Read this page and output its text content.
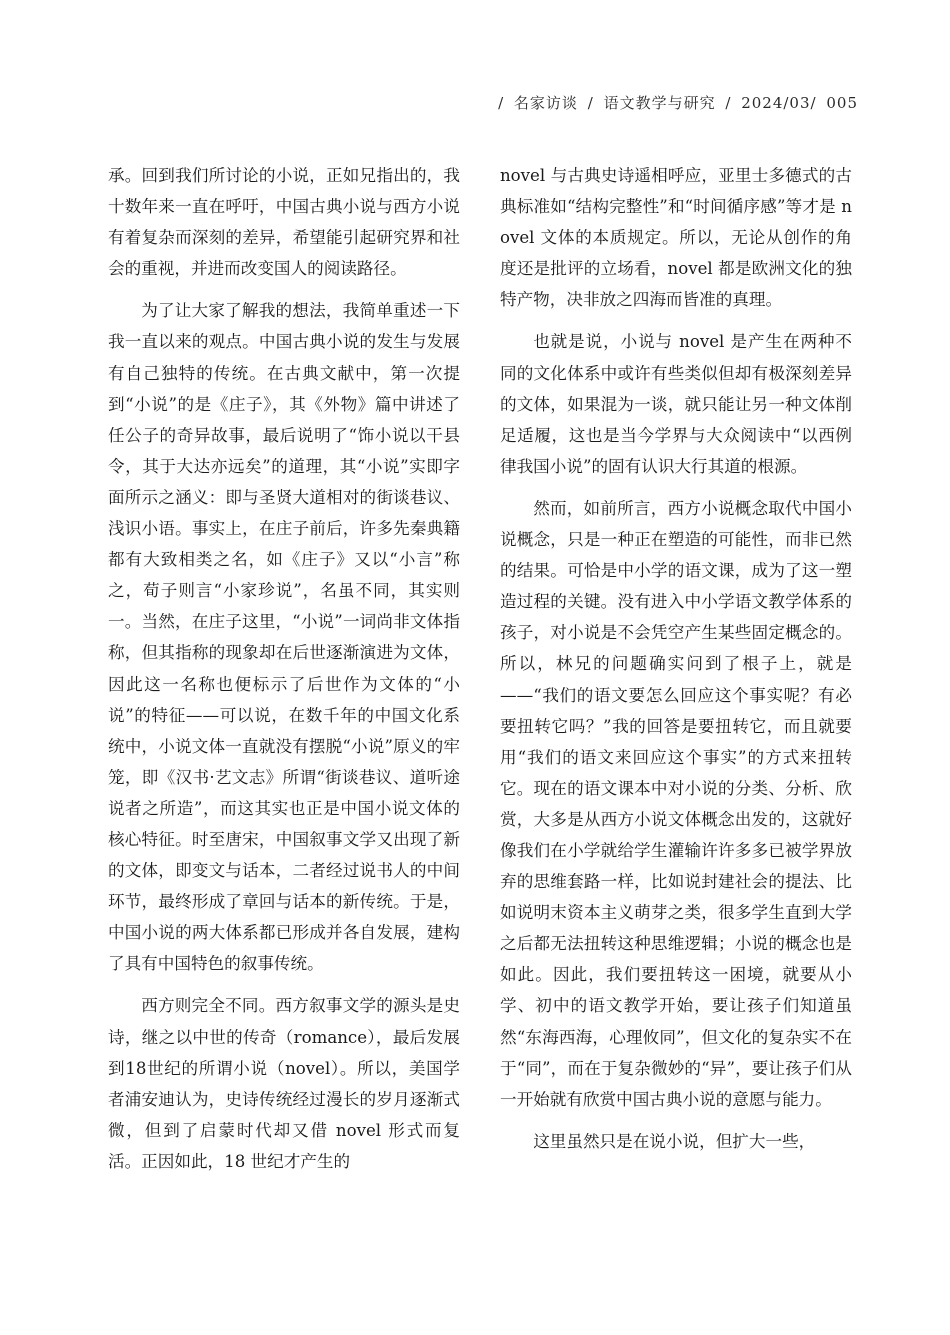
/ 名家访谈 / 语文教学与研究 / 2024/03/ 005

承。回到我们所讨论的小说，正如兄指出的，我十数年来一直在呼吁，中国古典小说与西方小说有着复杂而深刻的差异，希望能引起研究界和社会的重视，并进而改变国人的阅读路径。

为了让大家了解我的想法，我简单重述一下我一直以来的观点。中国古典小说的发生与发展有自己独特的传统。在古典文献中，第一次提到“小说”的是《庄子》，其《外物》篇中讲述了任公子的奇异故事，最后说明了“饰小说以干县令，其于大达亦远矣”的道理，其“小说”实即字面所示之涵义：即与圣贤大道相对的街谈巷议、浅识小语。事实上，在庄子前后，许多先秦典籍都有大致相类之名，如《庄子》又以“小言”称之，荀子则言“小家珍说”，名虽不同，其实则一。当然，在庄子这里，“小说”一词尚非文体指称，但其指称的现象却在后世逐渐演进为文体，因此这一名称也便标示了后世作为文体的“小说”的特征——可以说，在数千年的中国文化系统中，小说文体一直就没有摆脱“小说”原义的牢笼，即《汉书·艺文志》所谓“街谈巷议、道听途说者之所造”，而这其实也正是中国小说文体的核心特征。时至唐宋，中国叙事文学又出现了新的文体，即变文与话本，二者经过说书人的中间环节，最终形成了章回与话本的新传统。于是，中国小说的两大体系都已形成并各自发展，建构了具有中国特色的叙事传统。

西方则完全不同。西方叙事文学的源头是史诗，继之以中世的传奇（romance），最后发展到18世纪的所谓小说（novel）。所以，美国学者浦安迪认为，史诗传统经过漫长的岁月逐渐式微，但到了启蒙时代却又借 novel 形式而复活。正因如此，18 世纪才产生的

novel 与古典史诗遥相呼应，亚里士多德式的古典标准如“结构完整性”和“时间循序感”等才是 novel 文体的本质规定。所以，无论从创作的角度还是批评的立场看，novel 都是欧洲文化的独特产物，决非放之四海而皆准的真理。

也就是说，小说与 novel 是产生在两种不同的文化体系中或许有些类似但却有极深刻差异的文体，如果混为一谈，就只能让另一种文体削足适履，这也是当今学界与大众阅读中“以西例律我国小说”的固有认识大行其道的根源。

然而，如前所言，西方小说概念取代中国小说概念，只是一种正在塑造的可能性，而非已然的结果。可恰是中小学的语文课，成为了这一塑造过程的关键。没有进入中小学语文教学体系的孩子，对小说是不会凭空产生某些固定概念的。所以，林兄的问题确实问到了根子上，就是——“我们的语文要怎么回应这个事实呢？有必要扭转它吗？”我的回答是要扭转它，而且就要用“我们的语文来回应这个事实”的方式来扭转它。现在的语文课本中对小说的分类、分析、欣赏，大多是从西方小说文体概念出发的，这就好像我们在小学就给学生灌输许许多多已被学界放弃的思维套路一样，比如说封建社会的提法、比如说明末资本主义萌芽之类，很多学生直到大学之后都无法扭转这种思维逻辑；小说的概念也是如此。因此，我们要扭转这一困境，就要从小学、初中的语文教学开始，要让孩子们知道虽然“东海西海，心理攸同”，但文化的复杂实不在于“同”，而在于复杂微妙的“异”，要让孩子们从一开始就有欣赏中国古典小说的意愿与能力。

这里虽然只是在说小说，但扩大一些，
